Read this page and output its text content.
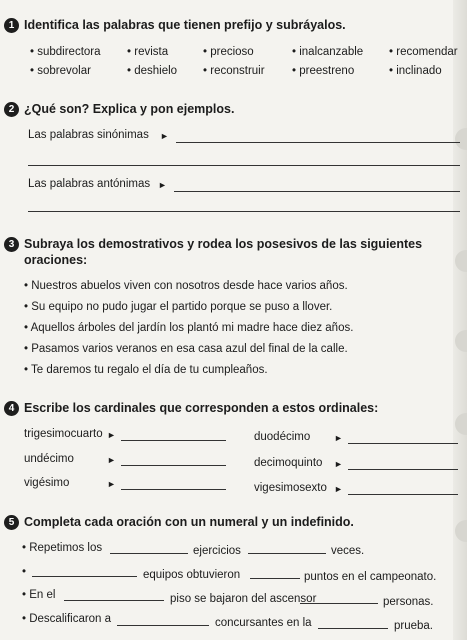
1 Identifica las palabras que tienen prefijo y subráyalos.
• subdirectora	• revista	• precioso	• inalcanzable	• recomendar
• sobrevolar	• deshielo	• reconstruir	• preestreno	• inclinado
2 ¿Qué son? Explica y pon ejemplos.
Las palabras sinónimas ►
Las palabras antónimas ►
3 Subraya los demostrativos y rodea los posesivos de las siguientes
oraciones:
• Nuestros abuelos viven con nosotros desde hace varios años.
• Su equipo no pudo jugar el partido porque se puso a llover.
• Aquellos árboles del jardín los plantó mi madre hace diez años.
• Pasamos varios veranos en esa casa azul del final de la calle.
• Te daremos tu regalo el día de tu cumpleaños.
4 Escribe los cardinales que corresponden a estos ordinales:
trigesimocuarto ►	duodécimo	►
undécimo	►	decimoquinto ►
vigésimo	►	vigesimosexto ►
5 Completa cada oración con un numeral y un indefinido.
• Repetimos los	ejercicios	veces.
•	equipos obtuvieron	puntos en el campeonato.
• En el	piso se bajaron del ascensor	personas.
• Descalificaron a	concursantes en la	prueba.
